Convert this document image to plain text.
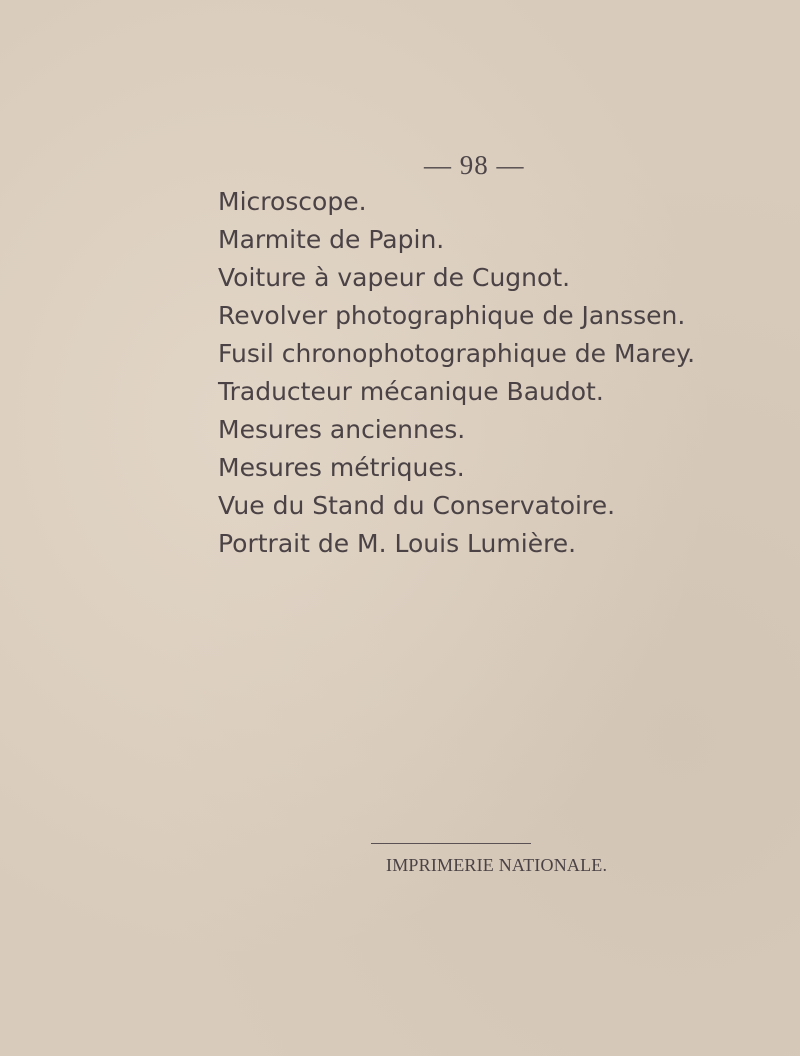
— 98 —
Microscope.
Marmite de Papin.
Voiture à vapeur de Cugnot.
Revolver photographique de Janssen.
Fusil chronophotographique de Marey.
Traducteur mécanique Baudot.
Mesures anciennes.
Mesures métriques.
Vue du Stand du Conservatoire.
Portrait de M. Louis Lumière.
IMPRIMERIE NATIONALE.
